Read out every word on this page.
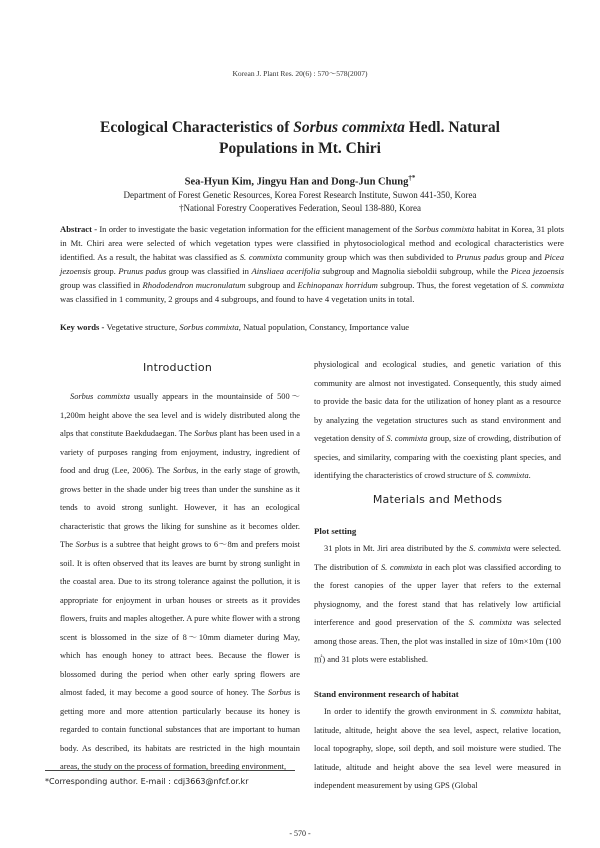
Korean J. Plant Res. 20(6) : 570～578(2007)
Ecological Characteristics of Sorbus commixta Hedl. Natural
Populations in Mt. Chiri
Sea-Hyun Kim, Jingyu Han and Dong-Jun Chung†*
Department of Forest Genetic Resources, Korea Forest Research Institute, Suwon 441-350, Korea
†National Forestry Cooperatives Federation, Seoul 138-880, Korea
Abstract - In order to investigate the basic vegetation information for the efficient management of the Sorbus commixta habitat in Korea, 31 plots in Mt. Chiri area were selected of which vegetation types were classified in phytosociological method and ecological characteristics were identified. As a result, the habitat was classified as S. commixta community group which was then subdivided to Prunus padus group and Picea jezoensis group. Prunus padus group was classified in Ainsliaea acerifolia subgroup and Magnolia sieboldii subgroup, while the Picea jezoensis group was classified in Rhododendron mucronulatum subgroup and Echinopanax horridum subgroup. Thus, the forest vegetation of S. commixta was classified in 1 community, 2 groups and 4 subgroups, and found to have 4 vegetation units in total.
Key words - Vegetative structure, Sorbus commixta, Natual population, Constancy, Importance value
Introduction

Sorbus commixta usually appears in the mountainside of 500～1,200m height above the sea level and is widely distributed along the alps that constitute Baekdudaegan. The Sorbus plant has been used in a variety of purposes ranging from enjoyment, industry, ingredient of food and drug (Lee, 2006). The Sorbus, in the early stage of growth, grows better in the shade under big trees than under the sunshine as it tends to avoid strong sunlight. However, it has an ecological characteristic that grows the liking for sunshine as it becomes older. The Sorbus is a subtree that height grows to 6～8m and prefers moist soil. It is often observed that its leaves are burnt by strong sunlight in the coastal area. Due to its strong tolerance against the pollution, it is appropriate for enjoyment in urban houses or streets as it provides flowers, fruits and maples altogether. A pure white flower with a strong scent is blossomed in the size of 8～10mm diameter during May, which has enough honey to attract bees. Because the flower is blossomed during the period when other early spring flowers are almost faded, it may become a good source of honey. The Sorbus is getting more and more attention particularly because its honey is regarded to contain functional substances that are important to human body. As described, its habitats are restricted in the high mountain areas, the study on the process of formation, breeding environment,

*Corresponding author. E-mail : cdj3663@nfcf.or.kr

physiological and ecological studies, and genetic variation of this community are almost not investigated. Consequently, this study aimed to provide the basic data for the utilization of honey plant as a resource by analyzing the vegetation structures such as stand environment and vegetation density of S. commixta group, size of crowding, distribution of species, and similarity, comparing with the coexisting plant species, and identifying the characteristics of crowd structure of S. commixta.

Materials and Methods
Plot setting

31 plots in Mt. Jiri area distributed by the S. commixta were selected. The distribution of S. commixta in each plot was classified according to the forest canopies of the upper layer that refers to the external physiognomy, and the forest stand that has relatively low artificial interference and good preservation of the S. commixta was selected among those areas. Then, the plot was installed in size of 10m×10m (100㎡) and 31 plots were established.

Stand environment research of habitat

In order to identify the growth environment in S. commixta habitat, latitude, altitude, height above the sea level, aspect, relative location, local topography, slope, soil depth, and soil moisture were studied. The latitude, altitude and height above the sea level were measured in independent measurement by using GPS (Global

- 570 -
